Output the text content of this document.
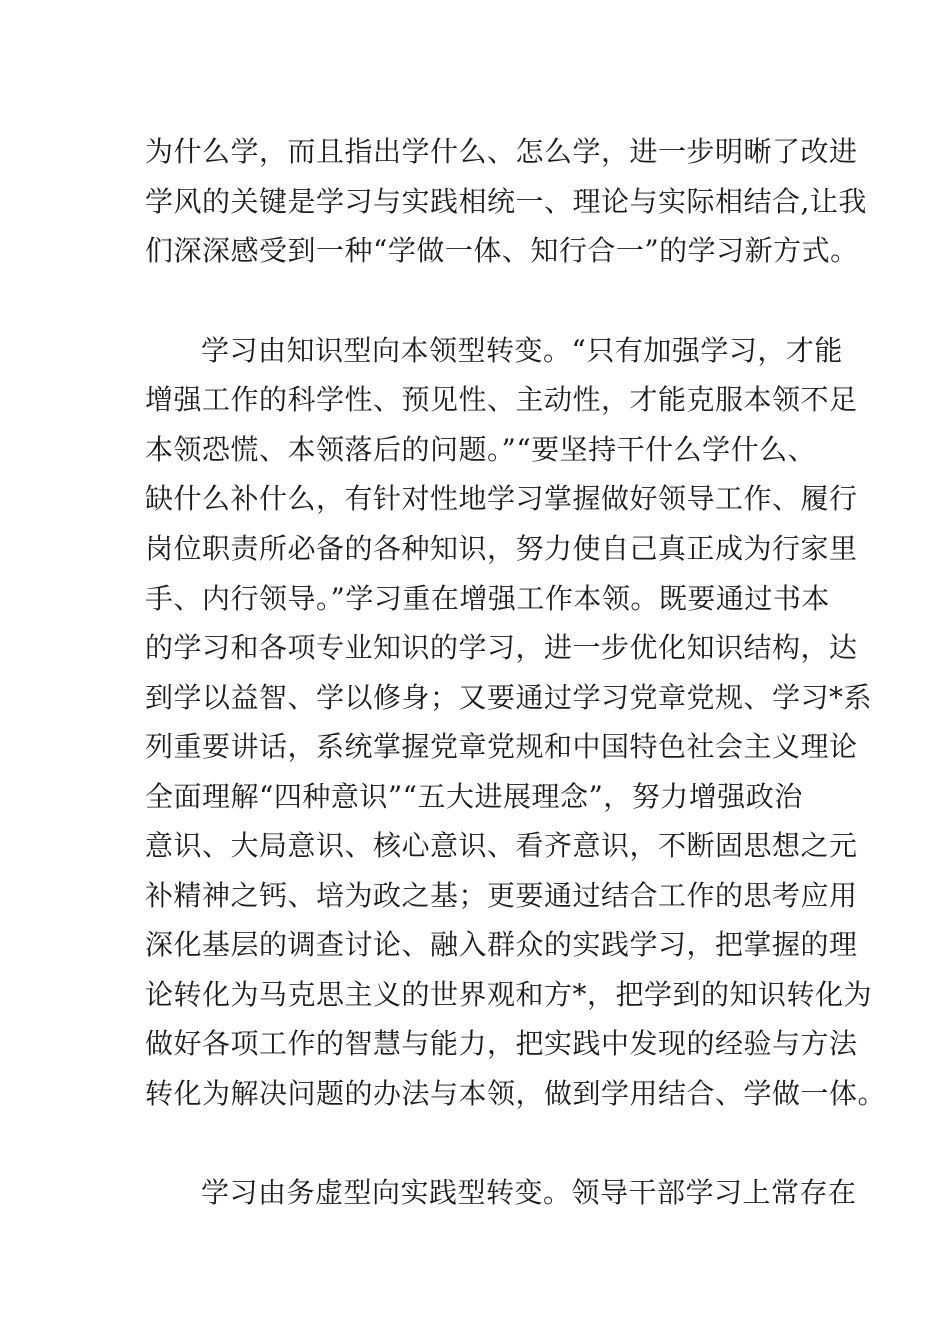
为什么学，而且指出学什么、怎么学，进一步明晰了改进
学风的关键是学习与实践相统一、理论与实际相结合,让我
们深深感受到一种“学做一体、知行合一”的学习新方式。
学习由知识型向本领型转变。“只有加强学习，才能
增强工作的科学性、预见性、主动性，才能克服本领不足
本领恐慌、本领落后的问题。”“要坚持干什么学什么、
缺什么补什么，有针对性地学习掌握做好领导工作、履行
岗位职责所必备的各种知识，努力使自己真正成为行家里
手、内行领导。”学习重在增强工作本领。既要通过书本
的学习和各项专业知识的学习，进一步优化知识结构，达
到学以益智、学以修身；又要通过学习党章党规、学习*系
列重要讲话，系统掌握党章党规和中国特色社会主义理论
全面理解“四种意识”“五大进展理念”，努力增强政治
意识、大局意识、核心意识、看齐意识，不断固思想之元
补精神之钙、培为政之基；更要通过结合工作的思考应用
深化基层的调查讨论、融入群众的实践学习，把掌握的理
论转化为马克思主义的世界观和方*，把学到的知识转化为
做好各项工作的智慧与能力，把实践中发现的经验与方法
转化为解决问题的办法与本领，做到学用结合、学做一体。
学习由务虚型向实践型转变。领导干部学习上常存在
